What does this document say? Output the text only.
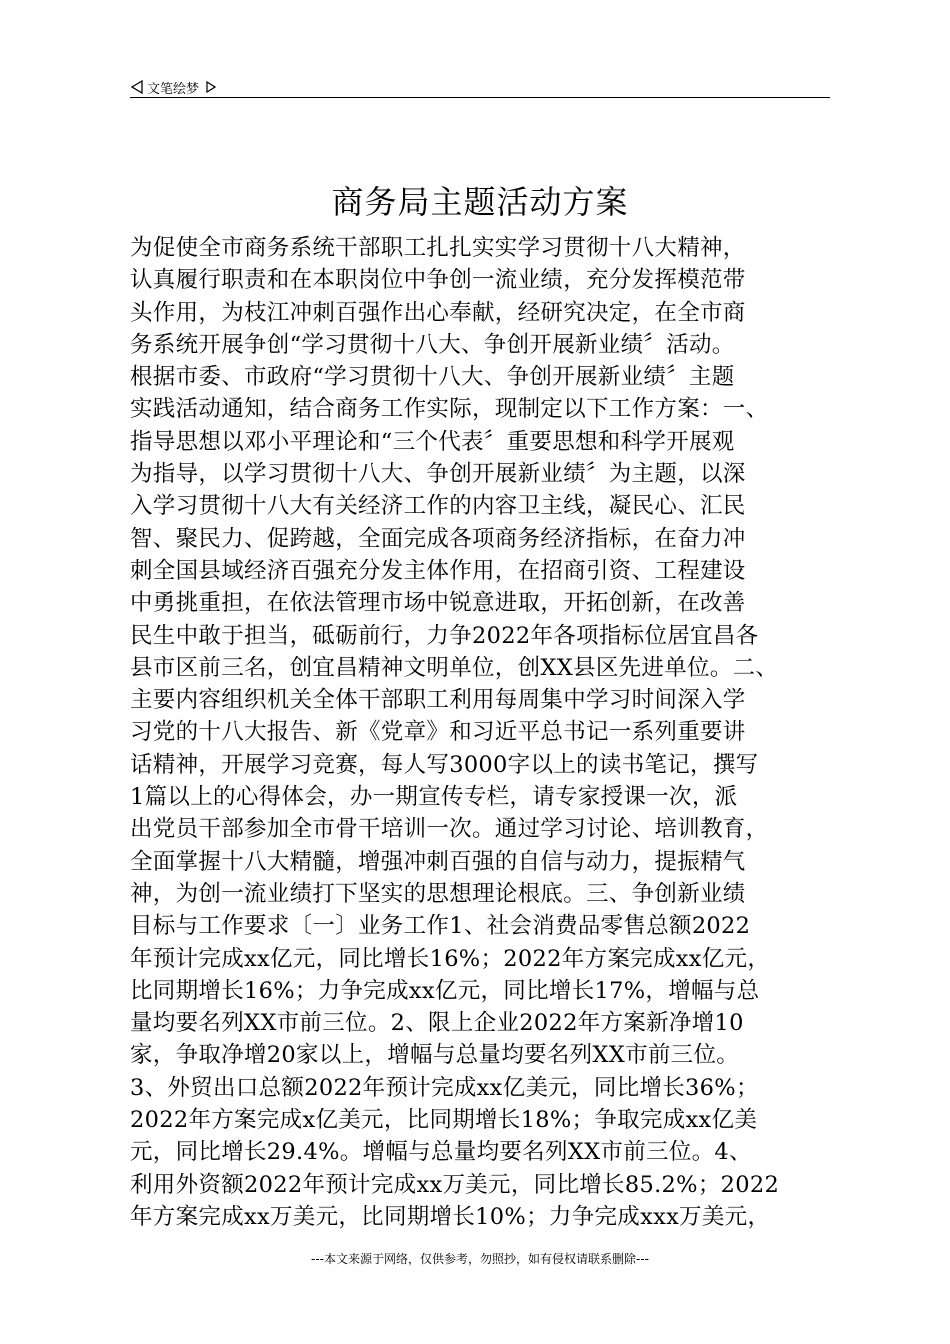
文笔绘梦
商务局主题活动方案
为促使全市商务系统干部职工扎扎实实学习贯彻十八大精神，
认真履行职责和在本职岗位中争创一流业绩，充分发挥模范带
头作用，为枝江冲刺百强作出心奉献，经研究决定，在全市商
务系统开展争创“学习贯彻十八大、争创开展新业绩〞活动。
根据市委、市政府“学习贯彻十八大、争创开展新业绩〞主题
实践活动通知，结合商务工作实际，现制定以下工作方案：一、
指导思想以邓小平理论和“三个代表〞重要思想和科学开展观
为指导，以学习贯彻十八大、争创开展新业绩〞为主题，以深
入学习贯彻十八大有关经济工作的内容卫主线，凝民心、汇民
智、聚民力、促跨越，全面完成各项商务经济指标，在奋力冲
刺全国县域经济百强充分发主体作用，在招商引资、工程建设
中勇挑重担，在依法管理市场中锐意进取，开拓创新，在改善
民生中敢于担当，砥砺前行，力争2022年各项指标位居宜昌各
县市区前三名，创宜昌精神文明单位，创XX县区先进单位。二、
主要内容组织机关全体干部职工利用每周集中学习时间深入学
习党的十八大报告、新《党章》和习近平总书记一系列重要讲
话精神，开展学习竞赛，每人写3000字以上的读书笔记，撰写
1篇以上的心得体会，办一期宣传专栏，请专家授课一次，派
出党员干部参加全市骨干培训一次。通过学习讨论、培训教育，
全面掌握十八大精髓，增强冲刺百强的自信与动力，提振精气
神，为创一流业绩打下坚实的思想理论根底。三、争创新业绩
目标与工作要求〔一〕业务工作1、社会消费品零售总额2022
年预计完成xx亿元，同比增长16%；2022年方案完成xx亿元，
比同期增长16%；力争完成xx亿元，同比增长17%，增幅与总
量均要名列XX市前三位。2、限上企业2022年方案新净增10
家，争取净增20家以上，增幅与总量均要名列XX市前三位。
3、外贸出口总额2022年预计完成xx亿美元，同比增长36%；
2022年方案完成x亿美元，比同期增长18%；争取完成xx亿美
元，同比增长29.4%。增幅与总量均要名列XX市前三位。4、
利用外资额2022年预计完成xx万美元，同比增长85.2%；2022
年方案完成xx万美元，比同期增长10%；力争完成xxx万美元，
---本文来源于网络，仅供参考，勿照抄，如有侵权请联系删除---
